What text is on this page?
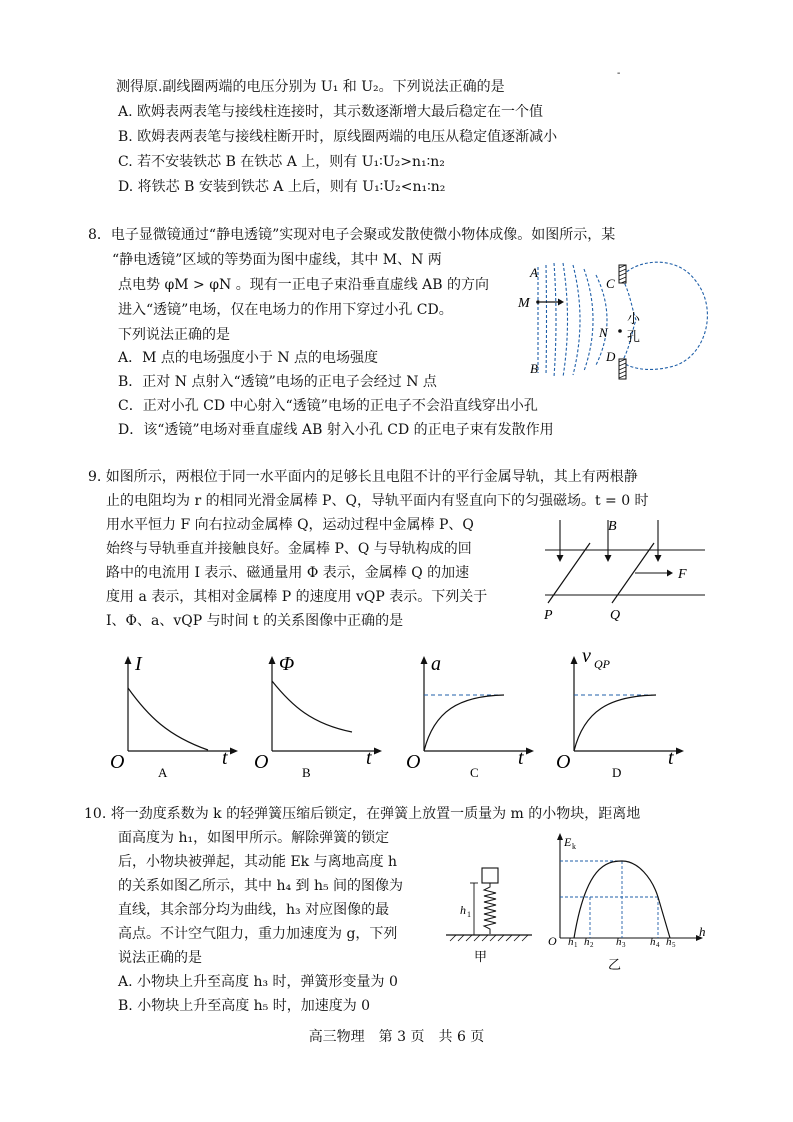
-
测得原.副线圈两端的电压分别为 U₁ 和 U₂。下列说法正确的是
A. 欧姆表两表笔与接线柱连接时，其示数逐渐增大最后稳定在一个值
B. 欧姆表两表笔与接线柱断开时，原线圈两端的电压从稳定值逐渐减小
C. 若不安装铁芯 B 在铁芯 A 上，则有 U₁∶U₂>n₁∶n₂
D. 将铁芯 B 安装到铁芯 A 上后，则有 U₁∶U₂<n₁∶n₂
8．电子显微镜通过“静电透镜”实现对电子会聚或发散使微小物体成像。如图所示，某
“静电透镜”区域的等势面为图中虚线，其中 M、N 两
点电势 φM > φN 。现有一正电子束沿垂直虚线 AB 的方向
进入“透镜”电场，仅在电场力的作用下穿过小孔 CD。
下列说法正确的是
A．M 点的电场强度小于 N 点的电场强度
B．正对 N 点射入“透镜”电场的正电子会经过 N 点
C．正对小孔 CD 中心射入“透镜”电场的正电子不会沿直线穿出小孔
D．该“透镜”电场对垂直虚线 AB 射入小孔 CD 的正电子束有发散作用
A
B
M
C
D
N
小
孔
9. 如图所示，两根位于同一水平面内的足够长且电阻不计的平行金属导轨，其上有两根静
止的电阻均为 r 的相同光滑金属棒 P、Q，导轨平面内有竖直向下的匀强磁场。t = 0 时
用水平恒力 F 向右拉动金属棒 Q，运动过程中金属棒 P、Q
始终与导轨垂直并接触良好。金属棒 P、Q 与导轨构成的回
路中的电流用 I 表示、磁通量用 Φ 表示，金属棒 Q 的加速
度用 a 表示，其相对金属棒 P 的速度用 vQP 表示。下列关于
I、Φ、a、vQP 与时间 t 的关系图像中正确的是
B
F
P	Q
I
t
O	A
Φ
t
O	B
a
t
O	C
v QP
t
O	D
10. 将一劲度系数为 k 的轻弹簧压缩后锁定，在弹簧上放置一质量为 m 的小物块，距离地
面高度为 h₁，如图甲所示。解除弹簧的锁定
后，小物块被弹起，其动能 Ek 与离地高度 h
的关系如图乙所示，其中 h₄ 到 h₅ 间的图像为
直线，其余部分均为曲线，h₃ 对应图像的最
高点。不计空气阻力，重力加速度为 g，下列
说法正确的是
A. 小物块上升至高度 h₃ 时，弹簧形变量为 0
B. 小物块上升至高度 h₅ 时，加速度为 0
h 1
甲
E k
h
O h 1 h 2 h 3 h 4 h 5
乙
高三物理　第 3 页　共 6 页
